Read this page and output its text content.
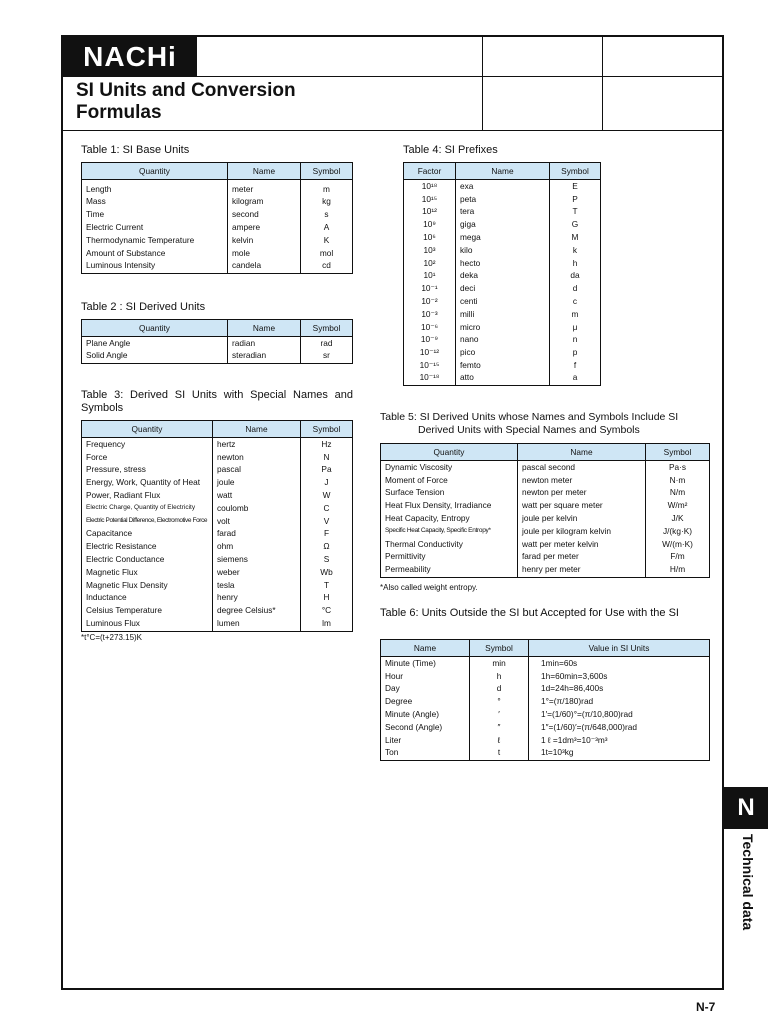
NACHi
SI Units and Conversion Formulas
Table 1: SI Base Units
Quantity	Name	Symbol
Length	meter	m
Mass	kilogram	kg
Time	second	s
Electric Current	ampere	A
Thermodynamic Temperature	kelvin	K
Amount of Substance	mole	mol
Luminous Intensity	candela	cd
Table 2 : SI Derived Units
Quantity	Name	Symbol
Plane Angle	radian	rad
Solid Angle	steradian	sr
Table 3: Derived SI Units with Special Names and Symbols
Quantity	Name	Symbol
Frequency	hertz	Hz
Force	newton	N
Pressure, stress	pascal	Pa
Energy, Work, Quantity of Heat	joule	J
Power, Radiant Flux	watt	W
Electric Charge, Quantity of Electricity	coulomb	C
Electric Potential Difference, Electromotive Force	volt	V
Capacitance	farad	F
Electric Resistance	ohm	Ω
Electric Conductance	siemens	S
Magnetic Flux	weber	Wb
Magnetic Flux Density	tesla	T
Inductance	henry	H
Celsius Temperature	degree Celsius*	°C
Luminous Flux	lumen	lm
*t°C=(t+273.15)K
Table 4: SI Prefixes
Factor	Name	Symbol
10¹⁸	exa	E
10¹⁵	peta	P
10¹²	tera	T
10⁹	giga	G
10⁶	mega	M
10³	kilo	k
10²	hecto	h
10¹	deka	da
10⁻¹	deci	d
10⁻²	centi	c
10⁻³	milli	m
10⁻⁶	micro	μ
10⁻⁹	nano	n
10⁻¹²	pico	p
10⁻¹⁵	femto	f
10⁻¹⁸	atto	a
Table 5: SI Derived Units whose Names and Symbols Include SI Derived Units with Special Names and Symbols
Quantity	Name	Symbol
Dynamic Viscosity	pascal second	Pa·s
Moment of Force	newton meter	N·m
Surface Tension	newton per meter	N/m
Heat Flux Density, Irradiance	watt per square meter	W/m²
Heat Capacity, Entropy	joule per kelvin	J/K
Specific Heat Capacity, Specific Entropy*	joule per kilogram kelvin	J/(kg·K)
Thermal Conductivity	watt per meter kelvin	W/(m·K)
Permittivity	farad per meter	F/m
Permeability	henry per meter	H/m
*Also called weight entropy.
Table 6: Units Outside the SI but Accepted for Use with the SI
Name	Symbol	Value in SI Units
Minute (Time)	min	1min=60s
Hour	h	1h=60min=3,600s
Day	d	1d=24h=86,400s
Degree	°	1°=(π/180)rad
Minute (Angle)	′	1′=(1/60)°=(π/10,800)rad
Second (Angle)	″	1″=(1/60)′=(π/648,000)rad
Liter	ℓ	1 ℓ =1dm³=10⁻³m³
Ton	t	1t=10³kg
N
Technical data
N-7
